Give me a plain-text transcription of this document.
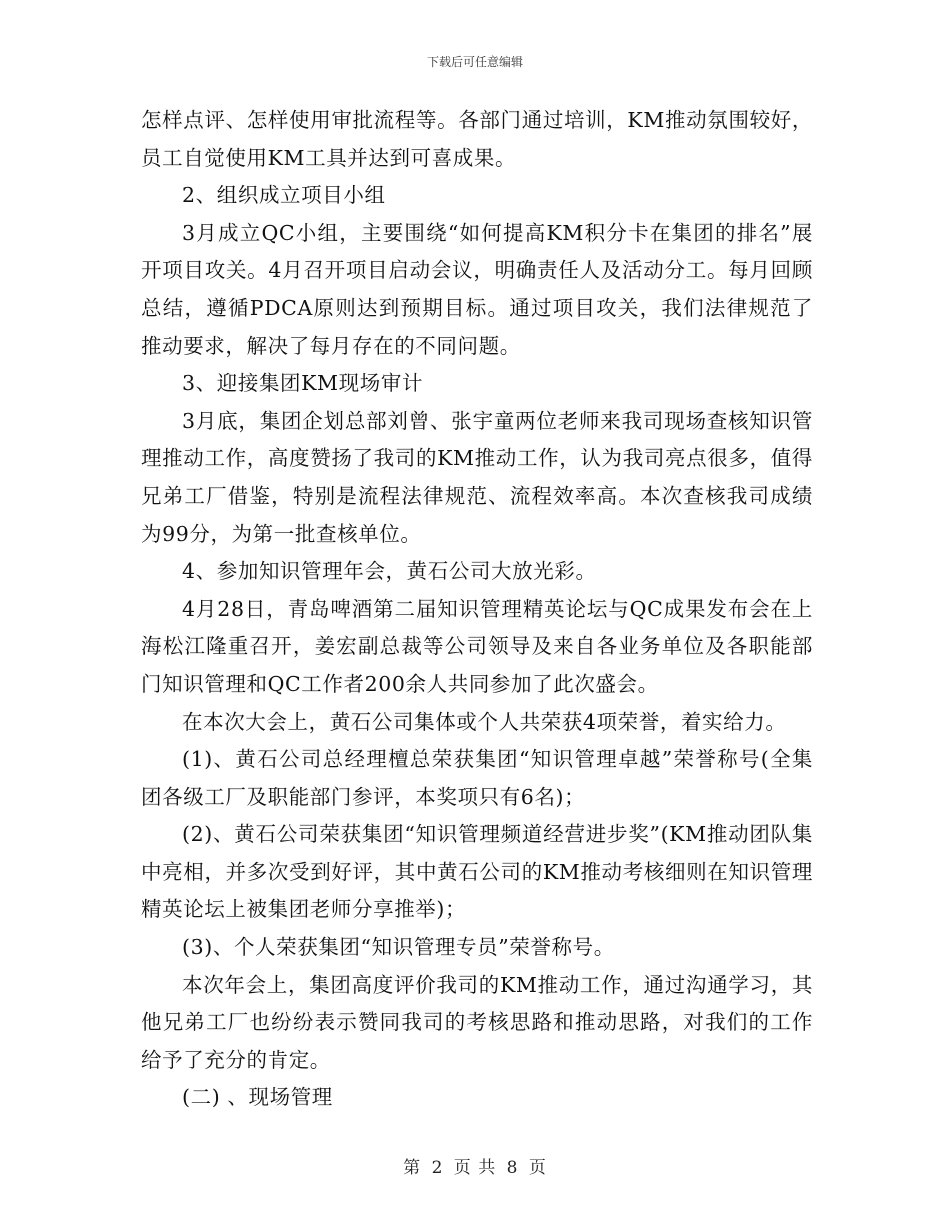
下载后可任意编辑

怎样点评、怎样使用审批流程等。各部门通过培训，KM推动氛围较好，员工自觉使用KM工具并达到可喜成果。

2、组织成立项目小组

3月成立QC小组，主要围绕“如何提高KM积分卡在集团的排名”展开项目攻关。4月召开项目启动会议，明确责任人及活动分工。每月回顾总结，遵循PDCA原则达到预期目标。通过项目攻关，我们法律规范了推动要求，解决了每月存在的不同问题。

3、迎接集团KM现场审计

3月底，集团企划总部刘曾、张宇童两位老师来我司现场查核知识管理推动工作，高度赞扬了我司的KM推动工作，认为我司亮点很多，值得兄弟工厂借鉴，特别是流程法律规范、流程效率高。本次查核我司成绩为99分，为第一批查核单位。

4、参加知识管理年会，黄石公司大放光彩。

4月28日，青岛啤酒第二届知识管理精英论坛与QC成果发布会在上海松江隆重召开，姜宏副总裁等公司领导及来自各业务单位及各职能部门知识管理和QC工作者200余人共同参加了此次盛会。

在本次大会上，黄石公司集体或个人共荣获4项荣誉，着实给力。

(1)、黄石公司总经理檀总荣获集团“知识管理卓越”荣誉称号(全集团各级工厂及职能部门参评，本奖项只有6名)；

(2)、黄石公司荣获集团“知识管理频道经营进步奖”(KM推动团队集中亮相，并多次受到好评，其中黄石公司的KM推动考核细则在知识管理精英论坛上被集团老师分享推举)；

(3)、个人荣获集团“知识管理专员”荣誉称号。

本次年会上，集团高度评价我司的KM推动工作，通过沟通学习，其他兄弟工厂也纷纷表示赞同我司的考核思路和推动思路，对我们的工作给予了充分的肯定。

(二) 、现场管理

第 2 页 共 8 页
